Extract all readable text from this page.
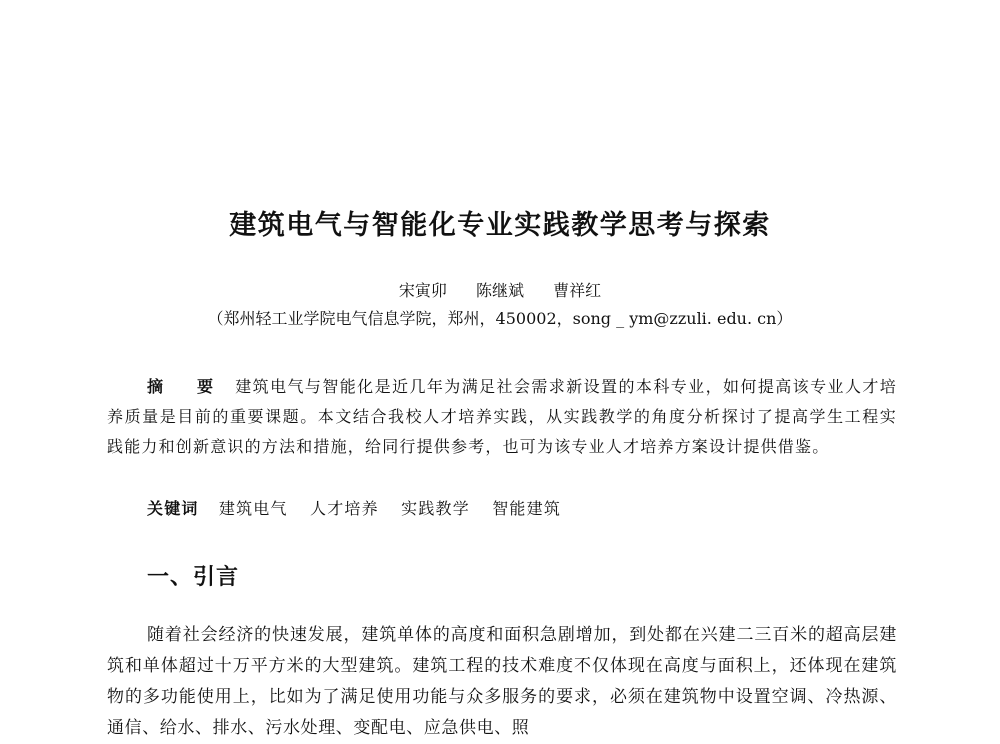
建筑电气与智能化专业实践教学思考与探索
宋寅卯 陈继斌 曹祥红
（郑州轻工业学院电气信息学院，郑州，450002，song _ ym@zzuli. edu. cn）

摘 要 建筑电气与智能化是近几年为满足社会需求新设置的本科专业，如何提高该专业人才培养质量是目前的重要课题。本文结合我校人才培养实践，从实践教学的角度分析探讨了提高学生工程实践能力和创新意识的方法和措施，给同行提供参考，也可为该专业人才培养方案设计提供借鉴。

关键词 建筑电气 人才培养 实践教学 智能建筑
一、引言

随着社会经济的快速发展，建筑单体的高度和面积急剧增加，到处都在兴建二三百米的超高层建筑和单体超过十万平方米的大型建筑。建筑工程的技术难度不仅体现在高度与面积上，还体现在建筑物的多功能使用上，比如为了满足使用功能与众多服务的要求，必须在建筑物中设置空调、冷热源、通信、给水、排水、污水处理、变配电、应急供电、照
